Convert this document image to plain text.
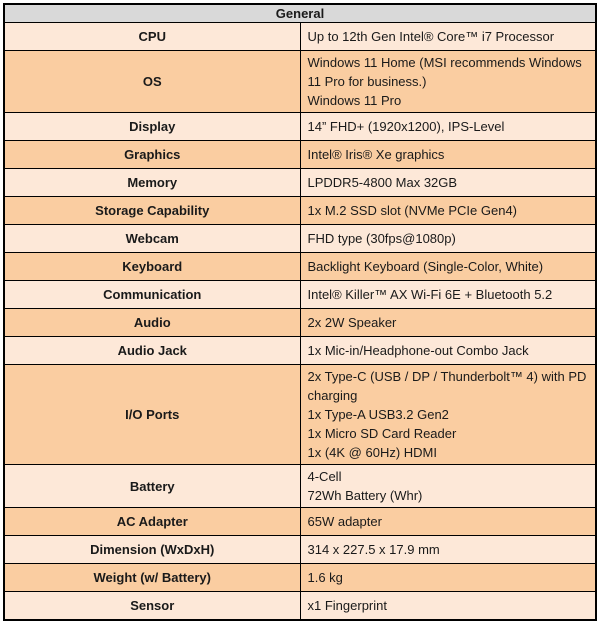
General	
CPU	Up to 12th Gen Intel® Core™ i7 Processor

OS	Windows 11 Home (MSI recommends Windows 11 Pro for business.)
Windows 11 Pro

Display	14” FHD+ (1920x1200), IPS-Level

Graphics	Intel® Iris® Xe graphics

Memory	LPDDR5-4800 Max 32GB

Storage Capability	1x M.2 SSD slot (NVMe PCIe Gen4)

Webcam	FHD type (30fps@1080p)

Keyboard	Backlight Keyboard (Single-Color, White)

Communication	Intel® Killer™ AX Wi-Fi 6E + Bluetooth 5.2

Audio	2x 2W Speaker

Audio Jack	1x Mic-in/Headphone-out Combo Jack

I/O Ports	2x Type-C (USB / DP / Thunderbolt™ 4) with PD charging
1x Type-A USB3.2 Gen2
1x Micro SD Card Reader
1x (4K @ 60Hz) HDMI

Battery	4-Cell
72Wh Battery (Whr)

AC Adapter	65W adapter

Dimension (WxDxH)	314 x 227.5 x 17.9 mm

Weight (w/ Battery)	1.6 kg

Sensor	x1 Fingerprint
